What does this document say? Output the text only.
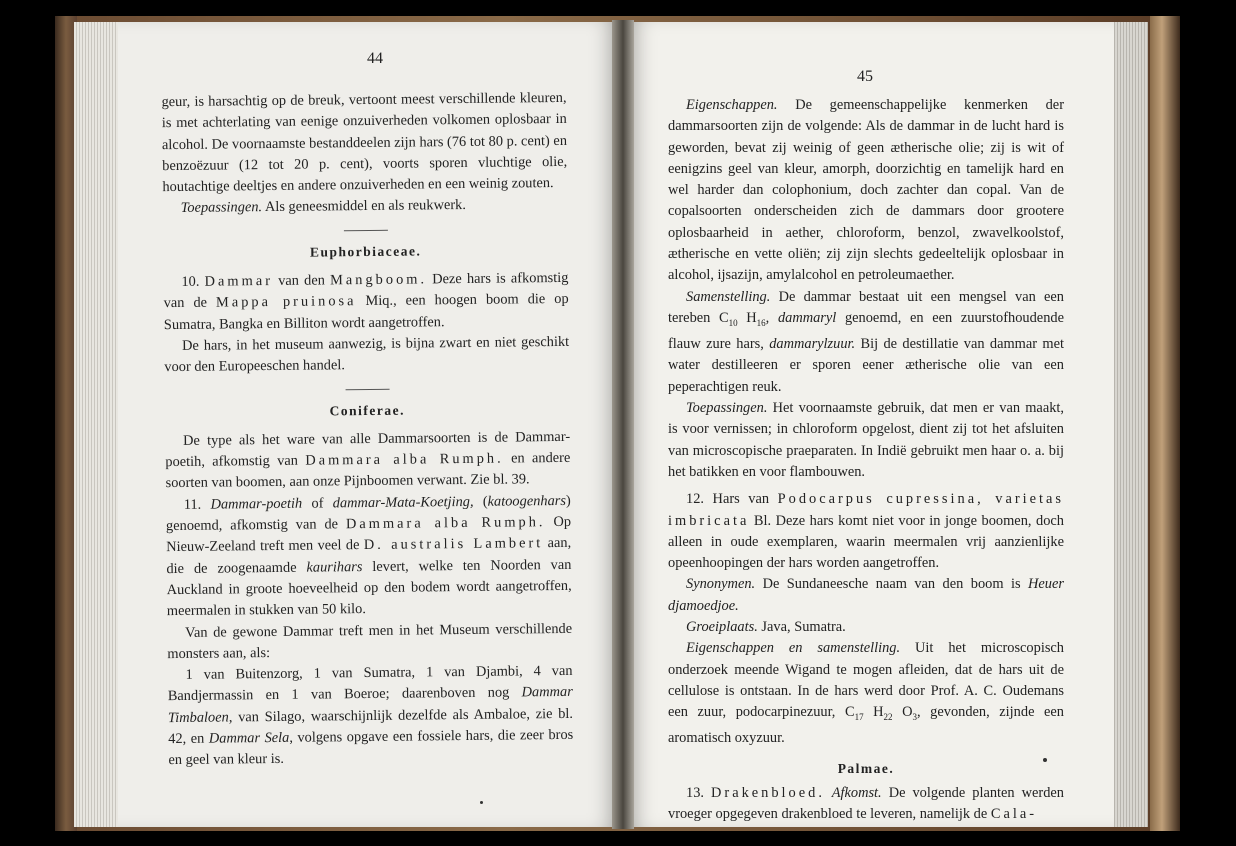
44
45

geur, is harsachtig op de breuk, vertoont meest verschillende kleuren, is met achterlating van eenige onzuiverheden volkomen oplosbaar in alcohol. De voornaamste bestanddeelen zijn hars (76 tot 80 p. cent) en benzoëzuur (12 tot 20 p. cent), voorts sporen vluchtige olie, houtachtige deeltjes en andere onzuiverheden en een weinig zouten.

Toepassingen. Als geneesmiddel en als reukwerk.

Euphorbiaceae.

10. Dammar van den Mangboom. Deze hars is afkomstig van de Mappa pruinosa Miq., een hoogen boom die op Sumatra, Bangka en Billiton wordt aangetroffen.

De hars, in het museum aanwezig, is bijna zwart en niet geschikt voor den Europeeschen handel.

Coniferae.

De type als het ware van alle Dammarsoorten is de Dammar-poetih, afkomstig van Dammara alba Rumph. en andere soorten van boomen, aan onze Pijnboomen verwant. Zie bl. 39.

11. Dammar-poetih of dammar-Mata-Koetjing, (katoogenhars) genoemd, afkomstig van de Dammara alba Rumph. Op Nieuw-Zeeland treft men veel de D. australis Lambert aan, die de zoogenaamde kaurihars levert, welke ten Noorden van Auckland in groote hoeveelheid op den bodem wordt aangetroffen, meermalen in stukken van 50 kilo.

Van de gewone Dammar treft men in het Museum verschillende monsters aan, als:

1 van Buitenzorg, 1 van Sumatra, 1 van Djambi, 4 van Bandjermassin en 1 van Boeroe; daarenboven nog Dammar Timbaloen, van Silago, waarschijnlijk dezelfde als Ambaloe, zie bl. 42, en Dammar Sela, volgens opgave een fossiele hars, die zeer bros en geel van kleur is.

Eigenschappen. De gemeenschappelijke kenmerken der dammarsoorten zijn de volgende: Als de dammar in de lucht hard is geworden, bevat zij weinig of geen ætherische olie; zij is wit of eenigzins geel van kleur, amorph, doorzichtig en tamelijk hard en wel harder dan colophonium, doch zachter dan copal. Van de copalsoorten onderscheiden zich de dammars door grootere oplosbaarheid in aether, chloroform, benzol, zwavelkoolstof, ætherische en vette oliën; zij zijn slechts gedeeltelijk oplosbaar in alcohol, ijsazijn, amylalcohol en petroleumaether.

Samenstelling. De dammar bestaat uit een mengsel van een tereben $C_{10}$ $H_{16}$, dammaryl genoemd, en een zuurstofhoudende flauw zure hars, dammarylzuur. Bij de destillatie van dammar met water destilleeren er sporen eener ætherische olie van een peperachtigen reuk.

Toepassingen. Het voornaamste gebruik, dat men er van maakt, is voor vernissen; in chloroform opgelost, dient zij tot het afsluiten van microscopische praeparaten. In Indië gebruikt men haar o. a. bij het batikken en voor flambouwen.

12. Hars van Podocarpus cupressina, varietas imbricata Bl. Deze hars komt niet voor in jonge boomen, doch alleen in oude exemplaren, waarin meermalen vrij aanzienlijke opeenhoopingen der hars worden aangetroffen.

Synonymen. De Sundaneesche naam van den boom is Heuer djamoedjoe.

Groeiplaats. Java, Sumatra.

Eigenschappen en samenstelling. Uit het microscopisch onderzoek meende Wigand te mogen afleiden, dat de hars uit de cellulose is ontstaan. In de hars werd door Prof. A. C. Oudemans een zuur, podocarpinezuur, $C_{17}$ $H_{22}$ $O_3$, gevonden, zijnde een aromatisch oxyzuur.

Palmae.

13. Drakenbloed. Afkomst. De volgende planten werden vroeger opgegeven drakenbloed te leveren, namelijk de Cala-
